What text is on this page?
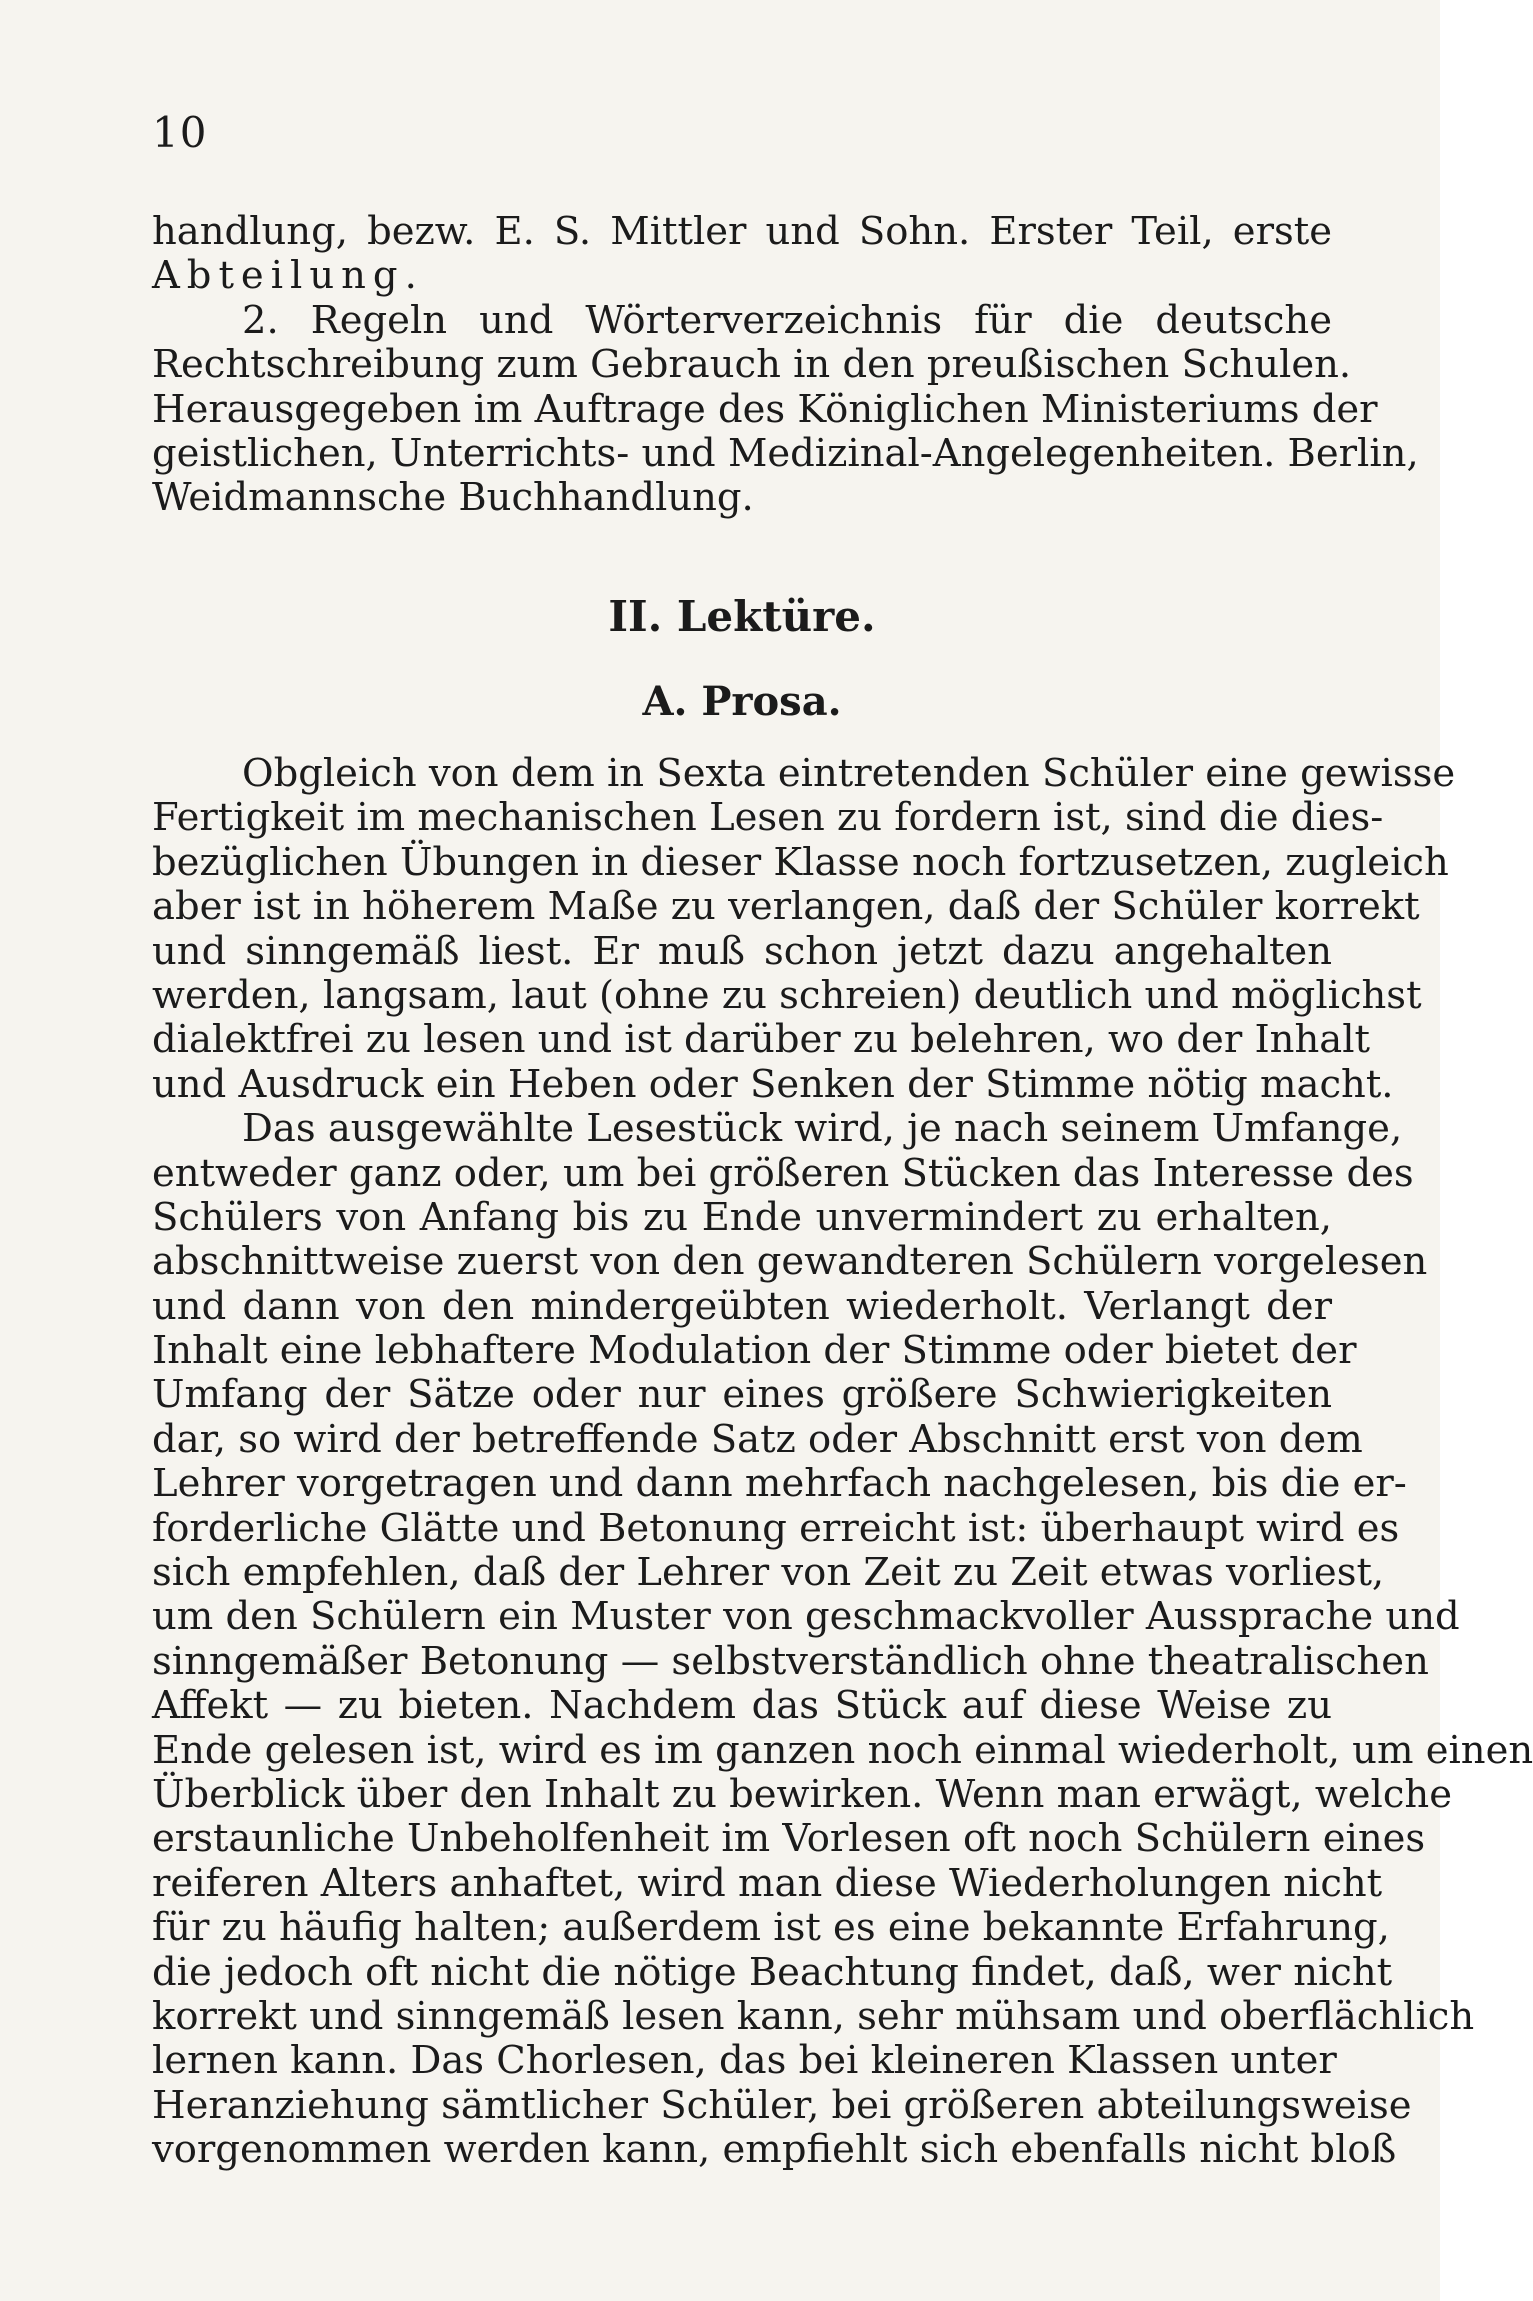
10
handlung, bezw. E. S. Mittler und Sohn. Erster Teil, erste
Abteilung.
2. Regeln und Wörterverzeichnis für die deutsche
Rechtschreibung zum Gebrauch in den preußischen Schulen.
Herausgegeben im Auftrage des Königlichen Ministeriums der
geistlichen, Unterrichts- und Medizinal-Angelegenheiten. Berlin,
Weidmannsche Buchhandlung.
II. Lektüre.
A. Prosa.
Obgleich von dem in Sexta eintretenden Schüler eine gewisse
Fertigkeit im mechanischen Lesen zu fordern ist, sind die dies-
bezüglichen Übungen in dieser Klasse noch fortzusetzen, zugleich
aber ist in höherem Maße zu verlangen, daß der Schüler korrekt
und sinngemäß liest. Er muß schon jetzt dazu angehalten
werden, langsam, laut (ohne zu schreien) deutlich und möglichst
dialektfrei zu lesen und ist darüber zu belehren, wo der Inhalt
und Ausdruck ein Heben oder Senken der Stimme nötig macht.
Das ausgewählte Lesestück wird, je nach seinem Umfange,
entweder ganz oder, um bei größeren Stücken das Interesse des
Schülers von Anfang bis zu Ende unvermindert zu erhalten,
abschnittweise zuerst von den gewandteren Schülern vorgelesen
und dann von den mindergeübten wiederholt. Verlangt der
Inhalt eine lebhaftere Modulation der Stimme oder bietet der
Umfang der Sätze oder nur eines größere Schwierigkeiten
dar, so wird der betreffende Satz oder Abschnitt erst von dem
Lehrer vorgetragen und dann mehrfach nachgelesen, bis die er-
forderliche Glätte und Betonung erreicht ist: überhaupt wird es
sich empfehlen, daß der Lehrer von Zeit zu Zeit etwas vorliest,
um den Schülern ein Muster von geschmackvoller Aussprache und
sinngemäßer Betonung — selbstverständlich ohne theatralischen
Affekt — zu bieten. Nachdem das Stück auf diese Weise zu
Ende gelesen ist, wird es im ganzen noch einmal wiederholt, um einen
Überblick über den Inhalt zu bewirken. Wenn man erwägt, welche
erstaunliche Unbeholfenheit im Vorlesen oft noch Schülern eines
reiferen Alters anhaftet, wird man diese Wiederholungen nicht
für zu häufig halten; außerdem ist es eine bekannte Erfahrung,
die jedoch oft nicht die nötige Beachtung findet, daß, wer nicht
korrekt und sinngemäß lesen kann, sehr mühsam und oberflächlich
lernen kann. Das Chorlesen, das bei kleineren Klassen unter
Heranziehung sämtlicher Schüler, bei größeren abteilungsweise
vorgenommen werden kann, empfiehlt sich ebenfalls nicht bloß
